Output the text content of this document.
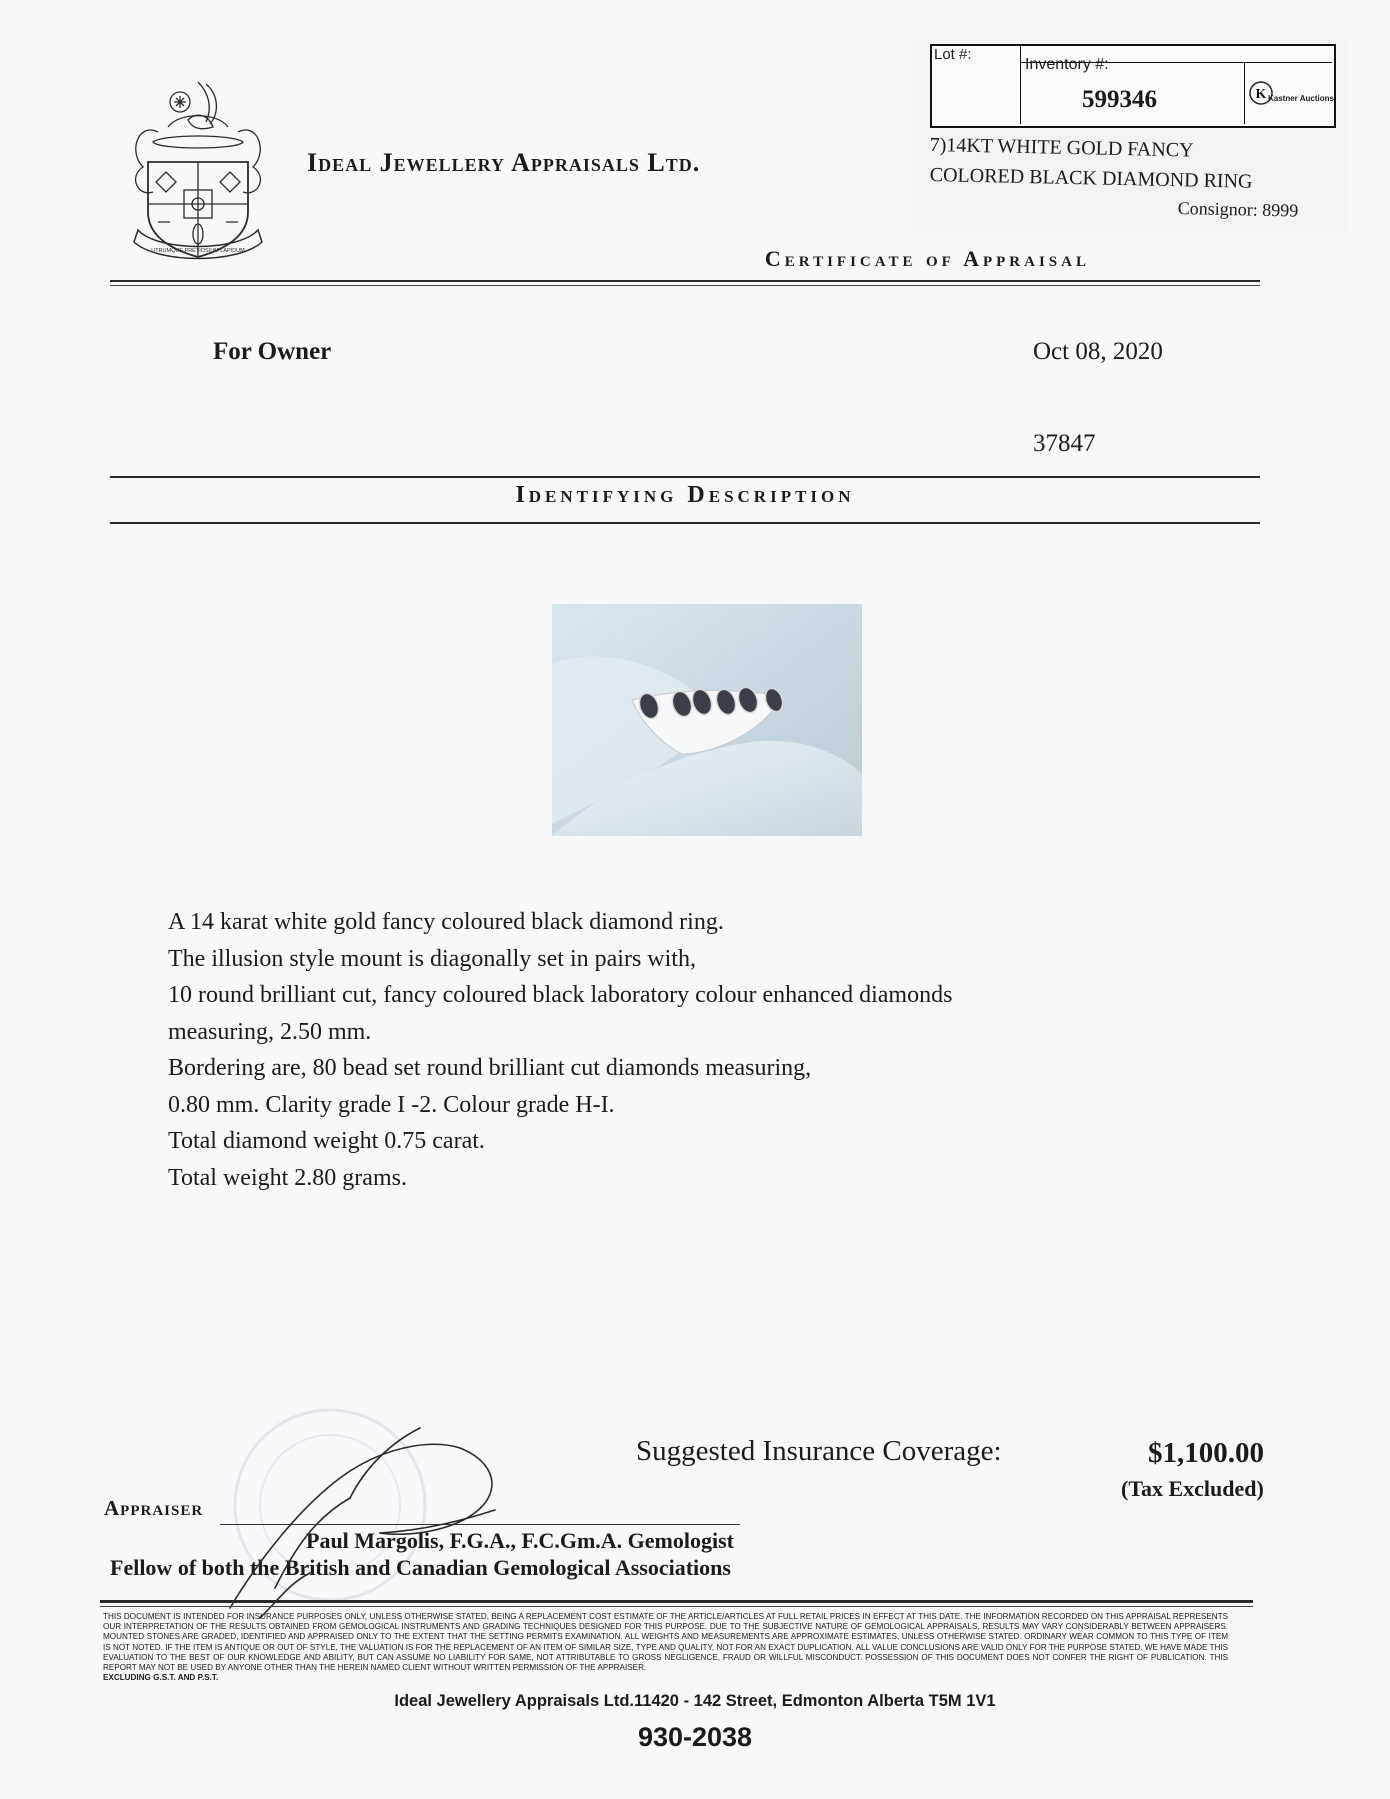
UTRUMQUE PRETIOSIUM LAPIDUM
Ideal Jewellery Appraisals Ltd.
Lot #:
Inventory #:
599346	K Kastner Auctions
7)14KT WHITE GOLD FANCY
COLORED BLACK DIAMOND RING
Consignor: 8999
Certificate of Appraisal
For Owner	Oct 08, 2020
37847
Identifying Description
A 14 karat white gold fancy coloured black diamond ring.
The illusion style mount is diagonally set in pairs with,
10 round brilliant cut, fancy coloured black laboratory colour enhanced diamonds
measuring, 2.50 mm.
Bordering are, 80 bead set round brilliant cut diamonds measuring,
0.80 mm. Clarity grade I -2. Colour grade H-I.
Total diamond weight 0.75 carat.
Total weight 2.80 grams.
Suggested Insurance Coverage:	$1,100.00
(Tax Excluded)
Appraiser
Paul Margolis, F.G.A., F.C.Gm.A. Gemologist
Fellow of both the British and Canadian Gemological Associations
THIS DOCUMENT IS INTENDED FOR INSURANCE PURPOSES ONLY, UNLESS OTHERWISE STATED, BEING A REPLACEMENT COST ESTIMATE OF THE ARTICLE/ARTICLES AT FULL RETAIL PRICES IN EFFECT AT THIS DATE. THE INFORMATION RECORDED ON THIS APPRAISAL REPRESENTS OUR INTERPRETATION OF THE RESULTS OBTAINED FROM GEMOLOGICAL INSTRUMENTS AND GRADING TECHNIQUES DESIGNED FOR THIS PURPOSE. DUE TO THE SUBJECTIVE NATURE OF GEMOLOGICAL APPRAISALS, RESULTS MAY VARY CONSIDERABLY BETWEEN APPRAISERS. MOUNTED STONES ARE GRADED, IDENTIFIED AND APPRAISED ONLY TO THE EXTENT THAT THE SETTING PERMITS EXAMINATION. ALL WEIGHTS AND MEASUREMENTS ARE APPROXIMATE ESTIMATES, UNLESS OTHERWISE STATED. ORDINARY WEAR COMMON TO THIS TYPE OF ITEM IS NOT NOTED. IF THE ITEM IS ANTIQUE OR OUT OF STYLE, THE VALUATION IS FOR THE REPLACEMENT OF AN ITEM OF SIMILAR SIZE, TYPE AND QUALITY, NOT FOR AN EXACT DUPLICATION. ALL VALUE CONCLUSIONS ARE VALID ONLY FOR THE PURPOSE STATED. WE HAVE MADE THIS EVALUATION TO THE BEST OF OUR KNOWLEDGE AND ABILITY, BUT CAN ASSUME NO LIABILITY FOR SAME, NOT ATTRIBUTABLE TO GROSS NEGLIGENCE, FRAUD OR WILLFUL MISCONDUCT. POSSESSION OF THIS DOCUMENT DOES NOT CONFER THE RIGHT OF PUBLICATION. THIS REPORT MAY NOT BE USED BY ANYONE OTHER THAN THE HEREIN NAMED CLIENT WITHOUT WRITTEN PERMISSION OF THE APPRAISER.
EXCLUDING G.S.T. AND P.S.T.
Ideal Jewellery Appraisals Ltd.11420 - 142 Street, Edmonton Alberta T5M 1V1
930-2038
